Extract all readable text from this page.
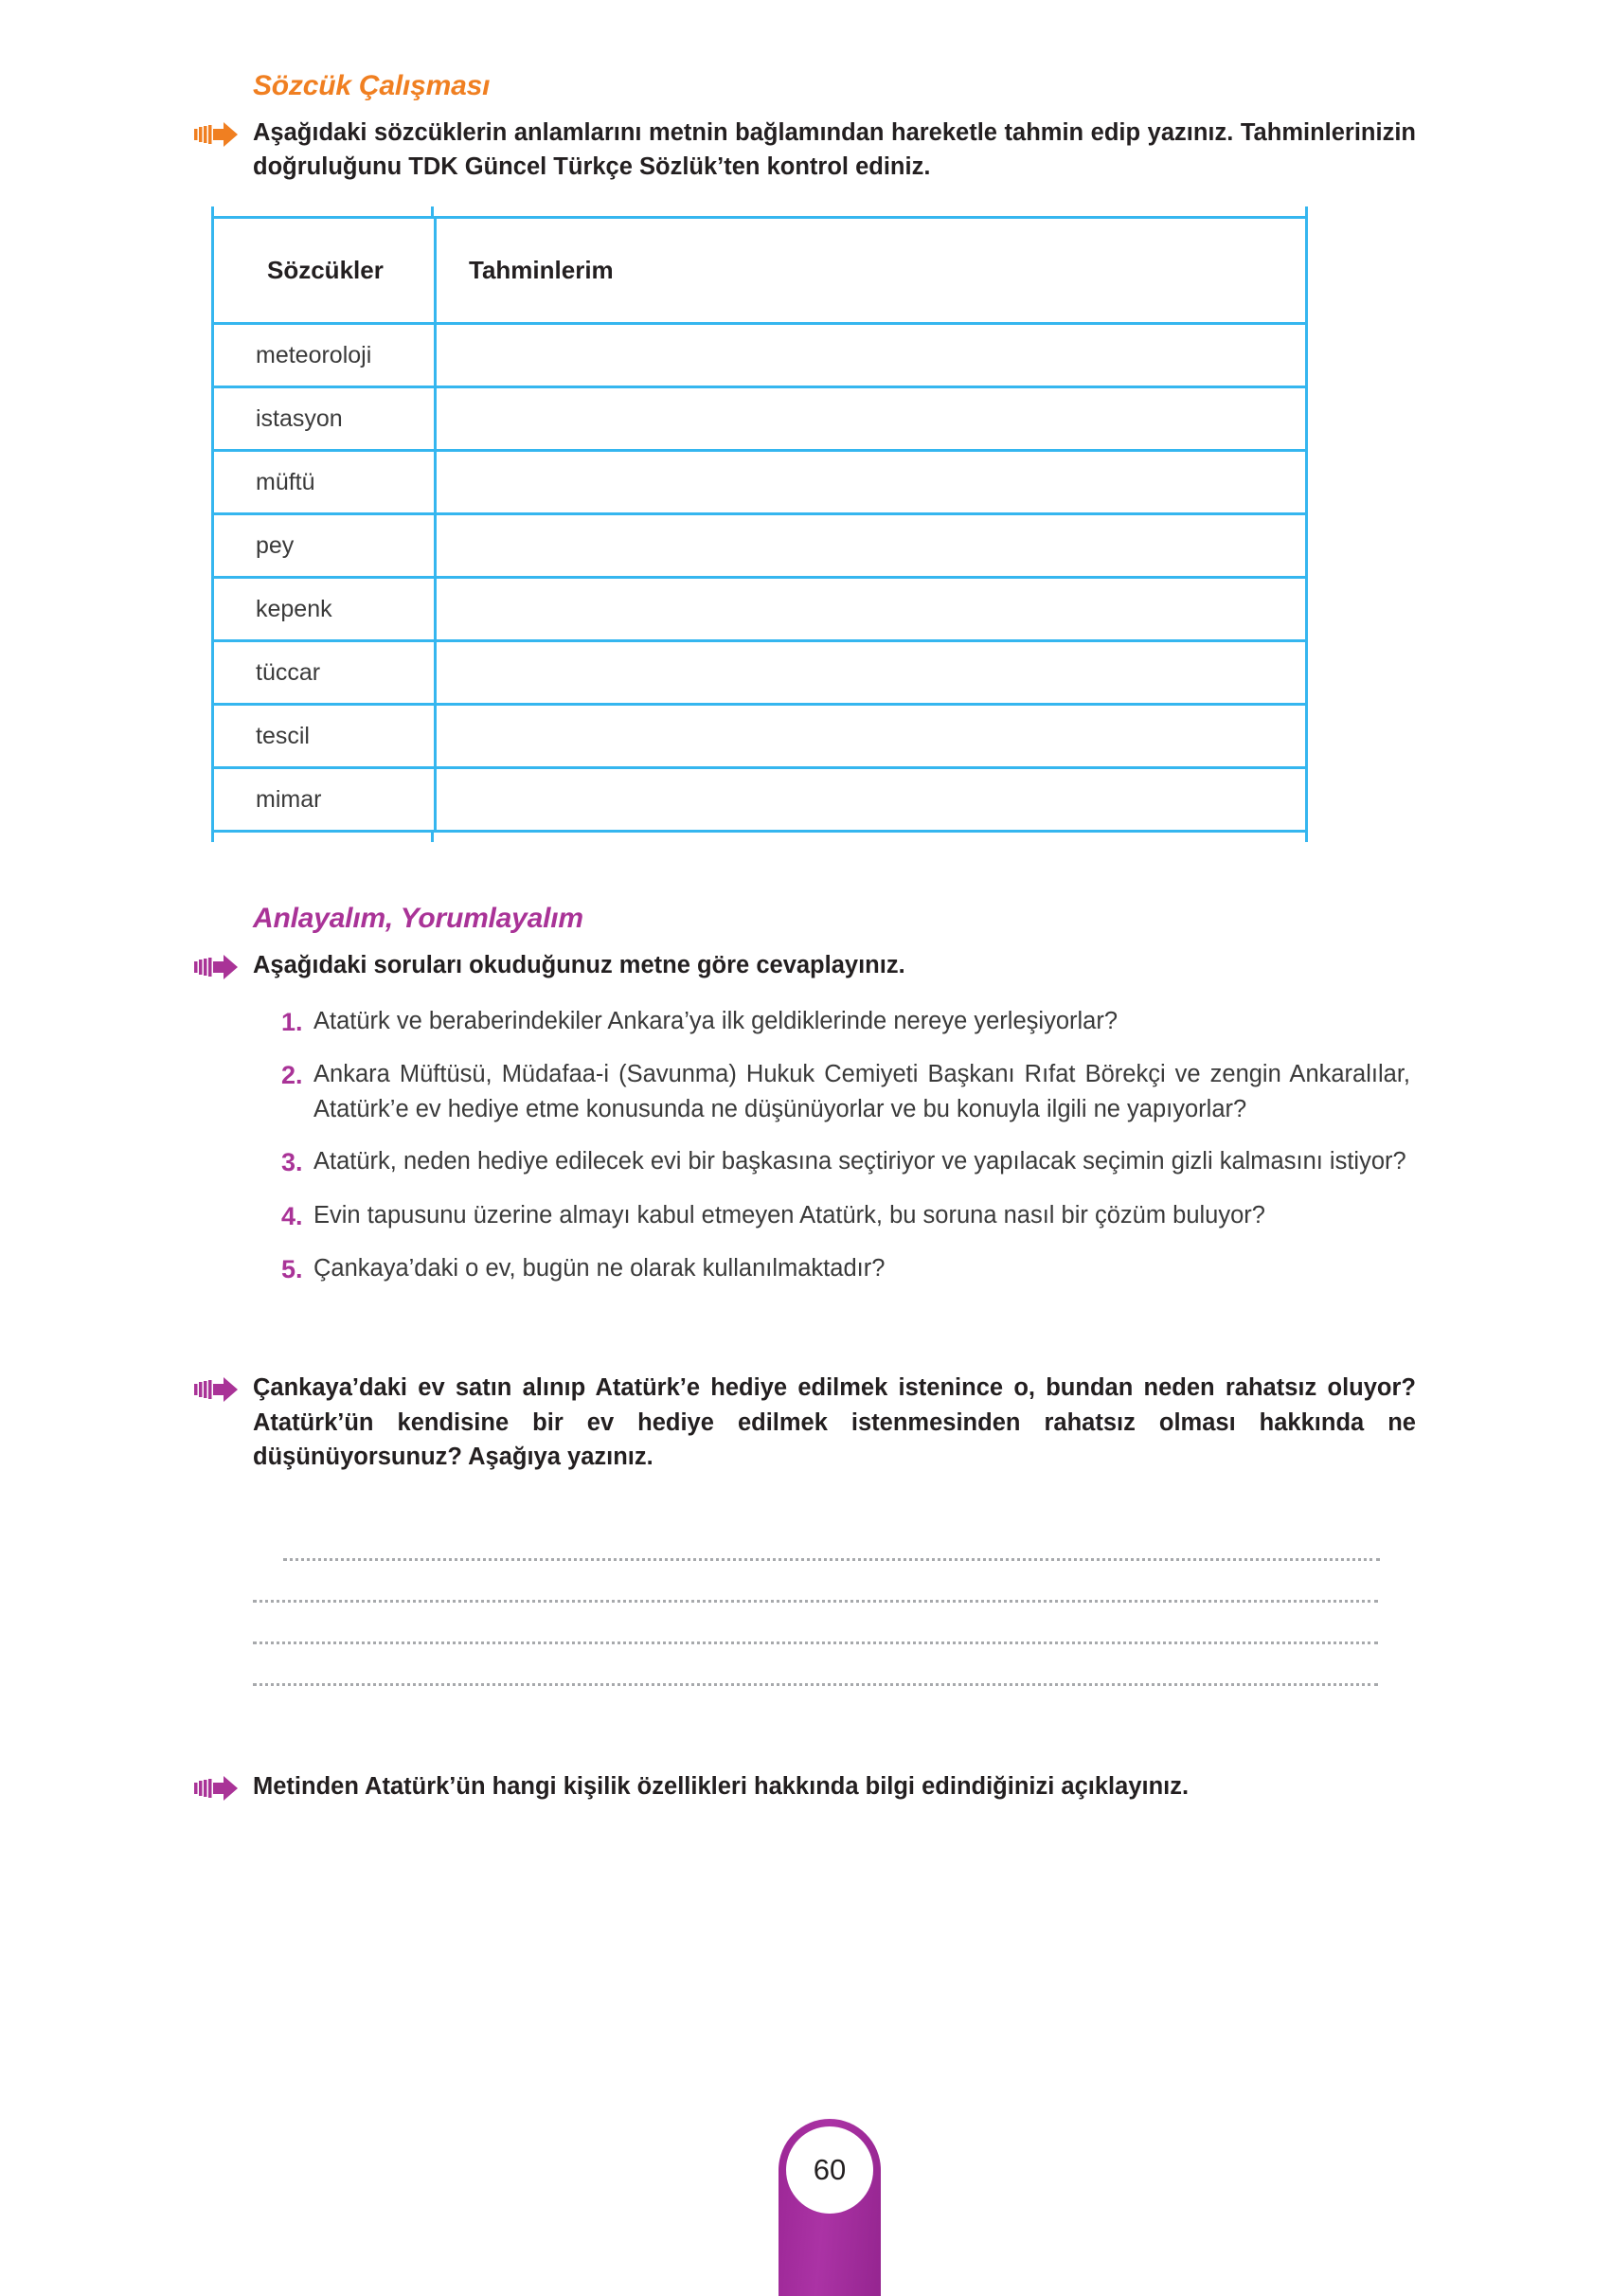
Sözcük Çalışması
Aşağıdaki sözcüklerin anlamlarını metnin bağlamından hareketle tahmin edip yazınız. Tahminlerinizin doğruluğunu TDK Güncel Türkçe Sözlük’ten kontrol ediniz.
Sözcükler	Tahminlerim
meteoroloji	
istasyon	
müftü	
pey	
kepenk	
tüccar	
tescil	
mimar	
Anlayalım, Yorumlayalım
Aşağıdaki soruları okuduğunuz metne göre cevaplayınız.
1. Atatürk ve beraberindekiler Ankara’ya ilk geldiklerinde nereye yerleşiyorlar?
2. Ankara Müftüsü, Müdafaa-i (Savunma) Hukuk Cemiyeti Başkanı Rıfat Börekçi ve zengin Ankaralılar, Atatürk’e ev hediye etme konusunda ne düşünüyorlar ve bu konuyla ilgili ne yapıyorlar?
3. Atatürk, neden hediye edilecek evi bir başkasına seçtiriyor ve yapılacak seçimin gizli kalmasını istiyor?
4. Evin tapusunu üzerine almayı kabul etmeyen Atatürk, bu soruna nasıl bir çözüm buluyor?
5. Çankaya’daki o ev, bugün ne olarak kullanılmaktadır?
Çankaya’daki ev satın alınıp Atatürk’e hediye edilmek istenince o, bundan neden rahatsız oluyor? Atatürk’ün kendisine bir ev hediye edilmek istenmesinden rahatsız olması hakkında ne düşünüyorsunuz? Aşağıya yazınız.
Metinden Atatürk’ün hangi kişilik özellikleri hakkında bilgi edindiğinizi açıklayınız.
60
